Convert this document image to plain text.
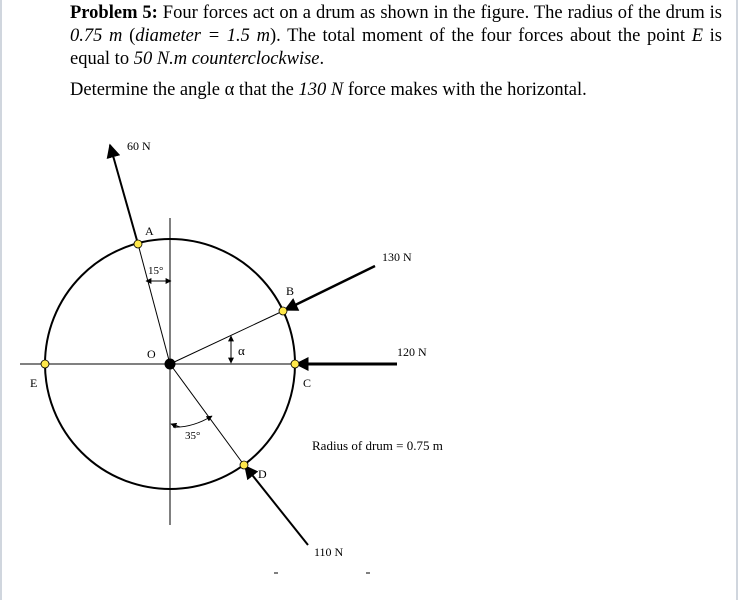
Problem 5: Four forces act on a drum as shown in the figure. The radius of the drum is 0.75 m (diameter = 1.5 m). The total moment of the four forces about the point E is equal to 50 N.m counterclockwise.

Determine the angle α that the 130 N force makes with the horizontal.

60 N
130 N
120 N
110 N
A
B
C
D
E
O
15°
35°
α
Radius of drum = 0.75 m
